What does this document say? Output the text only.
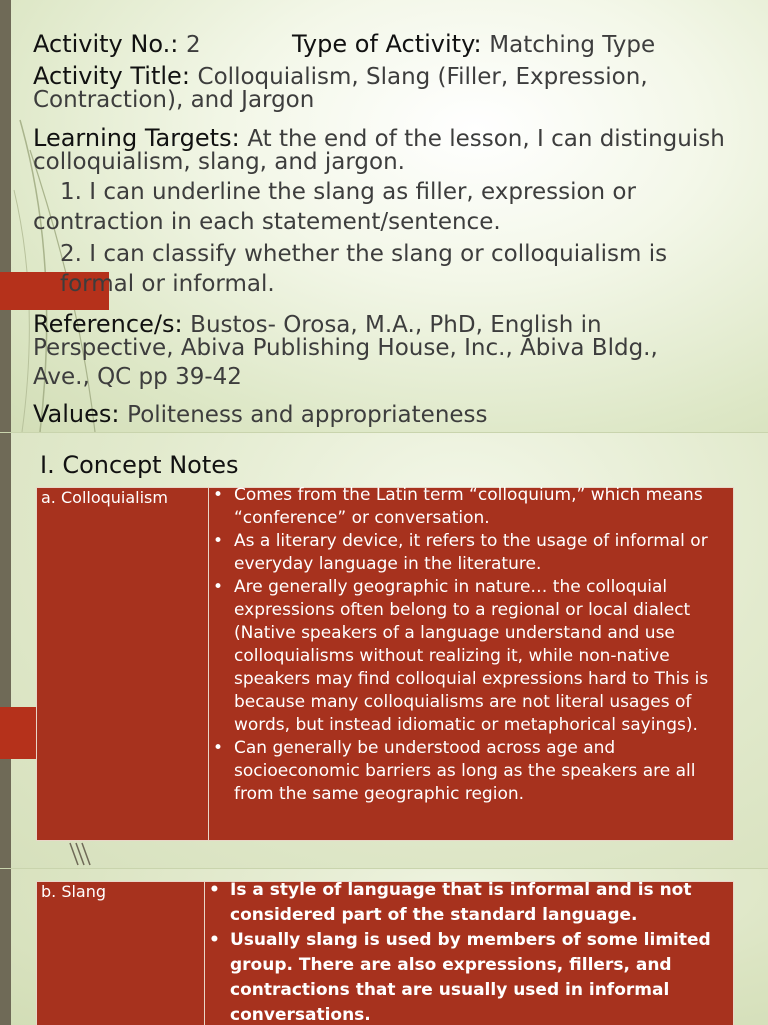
Activity No.: 2	Type of Activity: Matching Type
Activity Title: Colloquialism, Slang (Filler, Expression,
Contraction), and Jargon
Learning Targets: At the end of the lesson, I can distinguish
colloquialism, slang, and jargon.
1. I can underline the slang as filler, expression or
contraction in each statement/sentence.
2. I can classify whether the slang or colloquialism is
formal or informal.
Reference/s: Bustos- Orosa, M.A., PhD, English in
Perspective, Abiva Publishing House, Inc., Abiva Bldg.,
Ave., QC pp 39-42
Values: Politeness and appropriateness
I. Concept Notes
a. Colloquialism	• Comes from the Latin term “colloquium,” which means “conference” or conversation.
• As a literary device, it refers to the usage of informal or everyday language in the literature.
• Are generally geographic in nature… the colloquial expressions often belong to a regional or local dialect (Native speakers of a language understand and use colloquialisms without realizing it, while non-native speakers may find colloquial expressions hard to This is because many colloquialisms are not literal usages of words, but instead idiomatic or metaphorical sayings).
• Can generally be understood across age and socioeconomic barriers as long as the speakers are all from the same geographic region.
b. Slang	• Is a style of language that is informal and is not considered part of the standard language.
• Usually slang is used by members of some limited group. There are also expressions, fillers, and contractions that are usually used in informal conversations.
